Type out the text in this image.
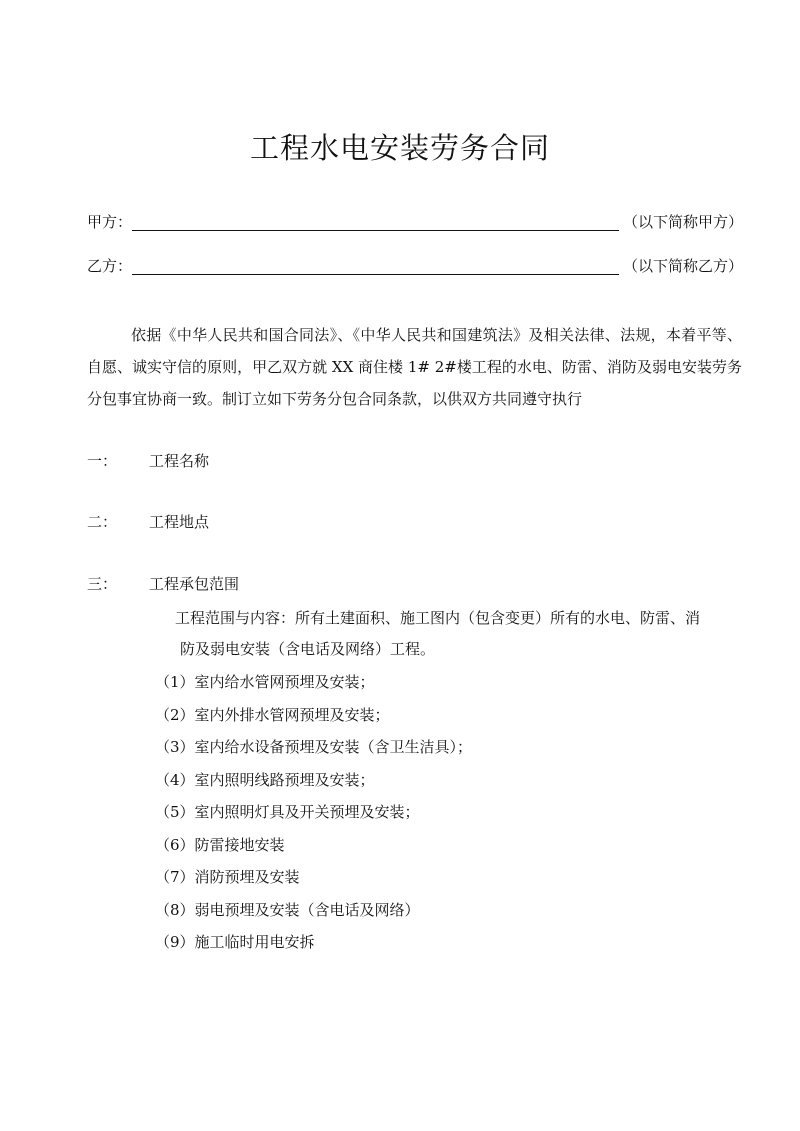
工程水电安装劳务合同
甲方：	（以下简称甲方）
乙方：	（以下简称乙方）

依据《中华人民共和国合同法》、《中华人民共和国建筑法》及相关法律、法规，本着平等、自愿、诚实守信的原则，甲乙双方就 XX 商住楼 1# 2#楼工程的水电、防雷、消防及弱电安装劳务分包事宜协商一致。制订立如下劳务分包合同条款，以供双方共同遵守执行

一：	工程名称
二：	工程地点
三：	工程承包范围

工程范围与内容：所有土建面积、施工图内（包含变更）所有的水电、防雷、消
防及弱电安装（含电话及网络）工程。

（1）室内给水管网预埋及安装；
（2）室内外排水管网预埋及安装；
（3）室内给水设备预埋及安装（含卫生洁具）；
（4）室内照明线路预埋及安装；
（5）室内照明灯具及开关预埋及安装；
（6）防雷接地安装
（7）消防预埋及安装
（8）弱电预埋及安装（含电话及网络）
（9）施工临时用电安拆
